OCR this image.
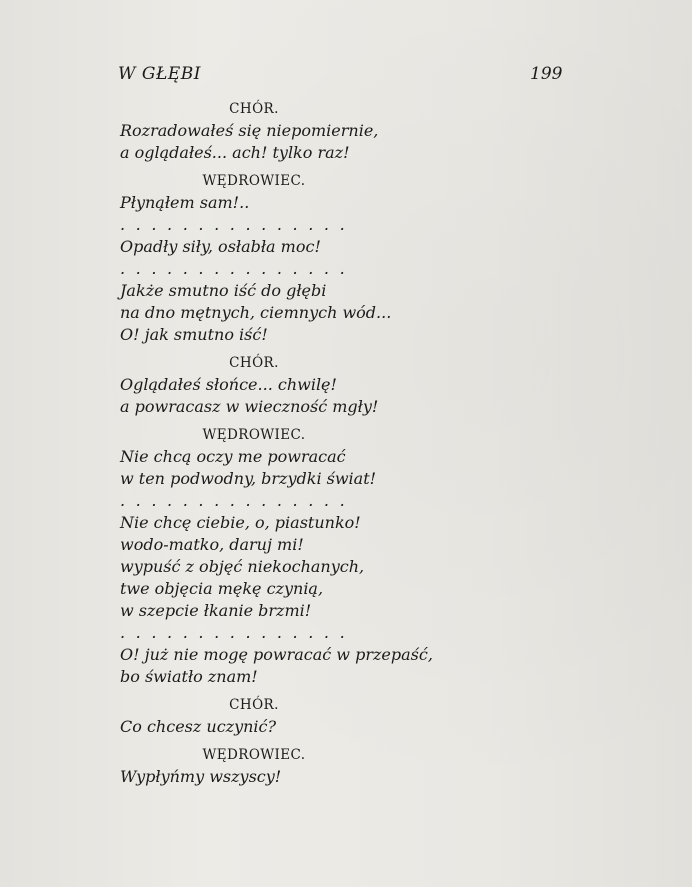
W GŁĘBI	199
CHÓR.
Rozradowałeś się niepomiernie,
a oglądałeś... ach! tylko raz!
WĘDROWIEC.
Płynąłem sam!..
...............
Opadły siły, osłabła moc!
...............
Jakże smutno iść do głębi
na dno mętnych, ciemnych wód...
O! jak smutno iść!
CHÓR.
Oglądałeś słońce... chwilę!
a powracasz w wieczność mgły!
WĘDROWIEC.
Nie chcą oczy me powracać
w ten podwodny, brzydki świat!
...............
Nie chcę ciebie, o, piastunko!
wodo-matko, daruj mi!
wypuść z objęć niekochanych,
twe objęcia mękę czynią,
w szepcie łkanie brzmi!
...............
O! już nie mogę powracać w przepaść,
bo światło znam!
CHÓR.
Co chcesz uczynić?
WĘDROWIEC.
Wypłyńmy wszyscy!
